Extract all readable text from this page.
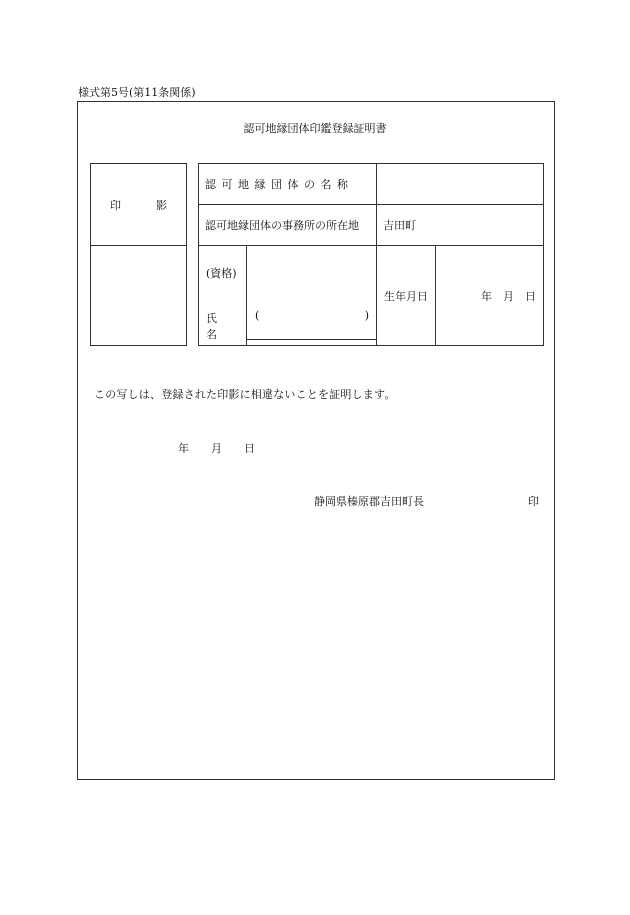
様式第5号(第11条関係)
認可地縁団体印鑑登録証明書
印　影

認可地縁団体の名称			
認可地縁団体の事務所の所在地		吉田町	

(資格)
氏　名	( )	生年月日	年　月　日
この写しは、登録された印影に相違ないことを証明します。
年　　月　　日
静岡県榛原郡吉田町長	印
